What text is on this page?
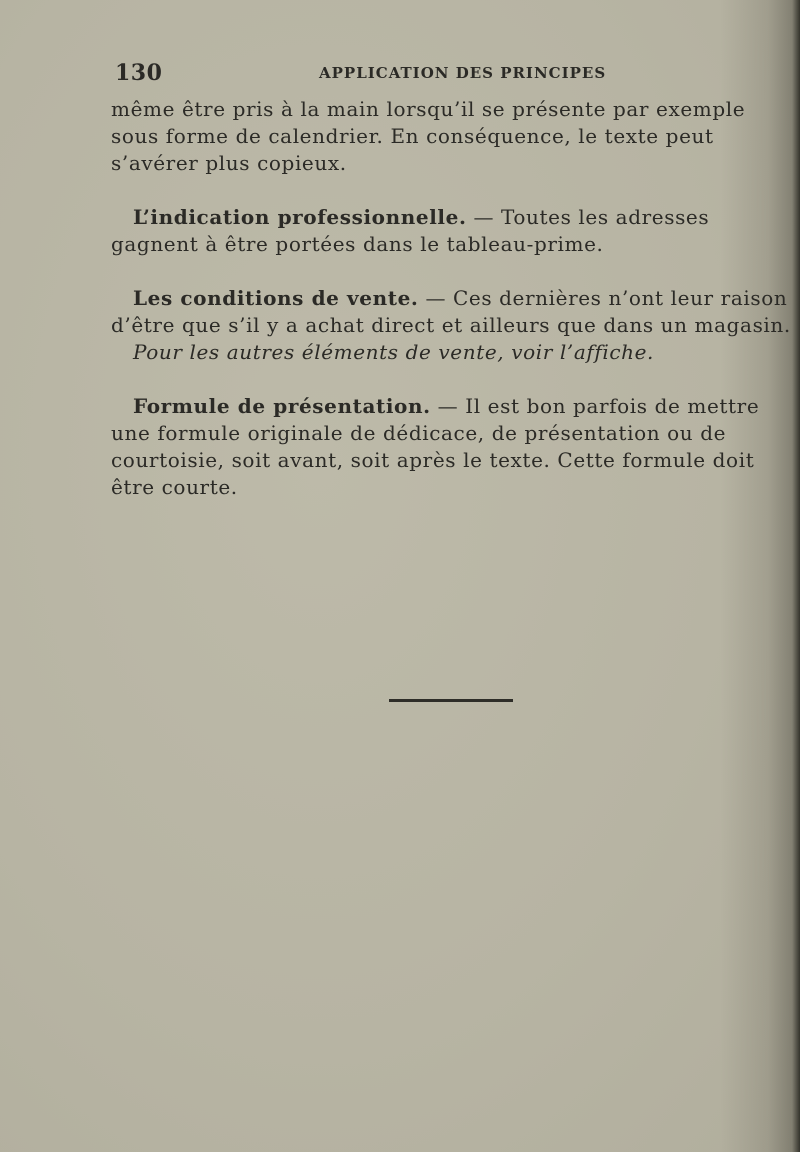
130	APPLICATION DES PRINCIPES

même être pris à la main lorsqu’il se présente par exemple sous forme de calendrier. En conséquence, le texte peut s’avérer plus copieux.

L’indication professionnelle. — Toutes les adresses gagnent à être portées dans le tableau-prime.

Les conditions de vente. — Ces dernières n’ont leur raison d’être que s’il y a achat direct et ailleurs que dans un magasin.

Pour les autres éléments de vente, voir l’affiche.

Formule de présentation. — Il est bon parfois de mettre une formule originale de dédicace, de présentation ou de courtoisie, soit avant, soit après le texte. Cette formule doit être courte.
